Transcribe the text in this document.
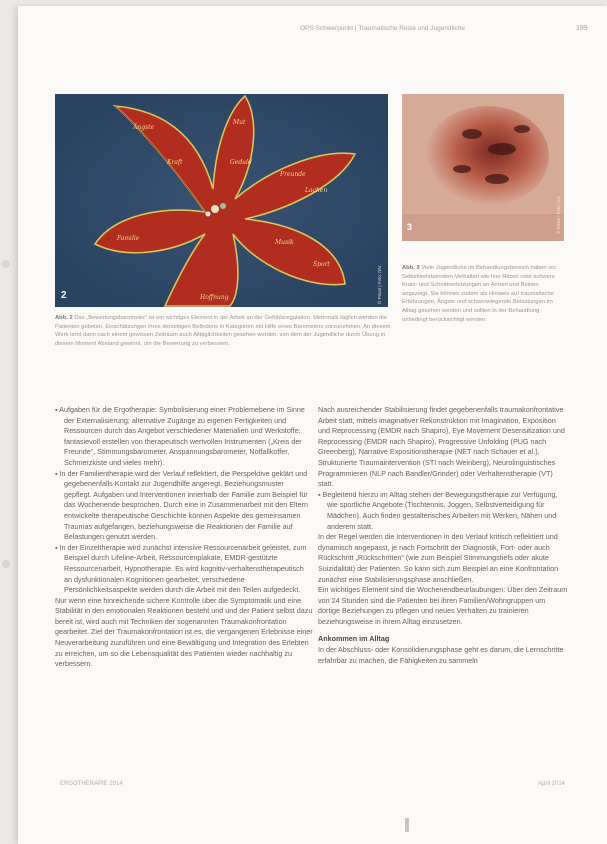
OPS Schwerpunkt | Traumatische Reize und Jugendliche	199
Ängste
Kraft
Mut
Geduld
Freunde
Lachen
Musik
Sport
Familie
Hoffnung
2	© Privat | Foto: NN
3	© Privat | Foto: NN
Abb. 2 Das „Bewertungsbarometer“ ist ein wichtiges Element in der Arbeit an der Gefühlsregulation. Mehrmals täglich werden die Patienten gebeten, Einschätzungen ihres derzeitigen Befindens in Kategorien mit Hilfe eines Barometers vorzunehmen. An diesem Werk lernt dann nach einem gewissen Zeitraum auch Alltäglichkeiten gesehen werden, von dem der Jugendliche durch Übung in diesem Moment Abstand gewinnt, um die Bewertung zu verbessern.
Abb. 3 Viele Jugendliche im Behandlungsbereich haben vor Selbstverletzendem Verhalten wie hier Ritzen oder schwere Kratz- und Schnittverletzungen an Armen und Beinen angezeigt. Sie können zudem als Hinweis auf traumatische Erfahrungen, Ängste und schwerwiegende Belastungen im Alltag gesehen werden und sollten in der Behandlung unbedingt berücksichtigt werden.

▪ Aufgaben für die Ergotherapie: Symbolisierung einer Problemebene im Sinne der Externalisierung; alternative Zugänge zu eigenen Fertigkeiten und Ressourcen durch das Angebot verschiedener Materialien und Werkstoffe; fantasievoll erstellen von therapeutisch wertvollen Instrumenten („Kreis der Freunde“, Stimmungsbarometer, Anspannungsbarometer, Notfallkoffer, Schmerzkiste und vieles mehr).

▪ In der Familientherapie wird der Verlauf reflektiert, die Perspektive geklärt und gegebenenfalls Kontakt zur Jugendhilfe angeregt. Beziehungsmuster gepflegt. Aufgaben und Interventionen innerhalb der Familie zum Beispiel für das Wochenende besprochen. Durch eine in Zusammenarbeit mit den Eltern entwickelte therapeutische Geschichte können Aspekte des gemeinsamen Traumas aufgefangen, beziehungsweise die Reaktionen der Familie auf Belastungen genutzt werden.

▪ In der Einzeltherapie wird zunächst intensive Ressourcenarbeit geleistet, zum Beispiel durch Lifeline-Arbeit, Ressourcenplakate, EMDR-gestützte Ressourcenarbeit, Hypnotherapie. Es wird kognitiv-verhaltenstherapeutisch an dysfunktionalen Kognitionen gearbeitet, verschiedene Persönlichkeitsaspekte werden durch die Arbeit mit den Teilen aufgedeckt.

Nur wenn eine hinreichende sichere Kontrolle über die Symptomatik und eine Stabilität in den emotionalen Reaktionen besteht und und der Patient selbst dazu bereit ist, wird auch mit Techniken der sogenannten Traumakonfrontation gearbeitet. Ziel der Traumakonfrontation ist es, die vergangenen Erlebnisse einer Neuverarbeitung zuzuführen und eine Bewältigung und Integration des Erlebten zu erreichen, um so die Lebensqualität des Patienten wieder nachhaltig zu verbessern.

Nach ausreichender Stabilisierung findet gegebenenfalls traumakonfrontative Arbeit statt, mittels imaginativer Rekonstruktion mit Imagination, Exposition und Reprocessing (EMDR nach Shapiro), Eye Movement Desensitization und Reprocessing (EMDR nach Shapiro), Progressive Unfolding (PUG nach Greenberg), Narrative Expositionstherapie (NET nach Schauer et al.), Strukturierte Traumaintervention (STI nach Weinberg), Neurolinguistisches Programmieren (NLP nach Bandler/Grinder) oder Verhaltenstherapie (VT) statt.

▪ Begleitend hierzu im Alltag stehen der Bewegungstherapie zur Verfügung, wie sportliche Angebote (Tischtennis, Joggen, Selbstverteidigung für Mädchen). Auch finden gestalterisches Arbeiten mit Werken, Nähen und anderem statt.

In der Regel werden die Interventionen in den Verlauf kritisch reflektiert und dynamisch angepasst, je nach Fortschritt der Diagnostik, Fort- oder auch Rückschritt „Rückschritten“ (wie zum Beispiel Stimmungstiefs oder akute Suizidalität) der Patienten. So kann sich zum Beispiel an eine Konfrontation zunächst eine Stabilisierungsphase anschließen.

Ein wichtiges Element sind die Wochenendbeurlaubungen: Über den Zeitraum von 24 Stunden sind die Patienten bei ihren Familien/Wohngruppen um dortige Beziehungen zu pflegen und neues Verhalten zu trainieren beziehungsweise in ihrem Alltag einzusetzen.

Ankommen im Alltag

In der Abschluss- oder Konsolidierungsphase geht es darum, die Lernschritte erfahrbar zu machen, die Fähigkeiten zu sammeln

ERGOTHERAPIE 2014	April 2014
